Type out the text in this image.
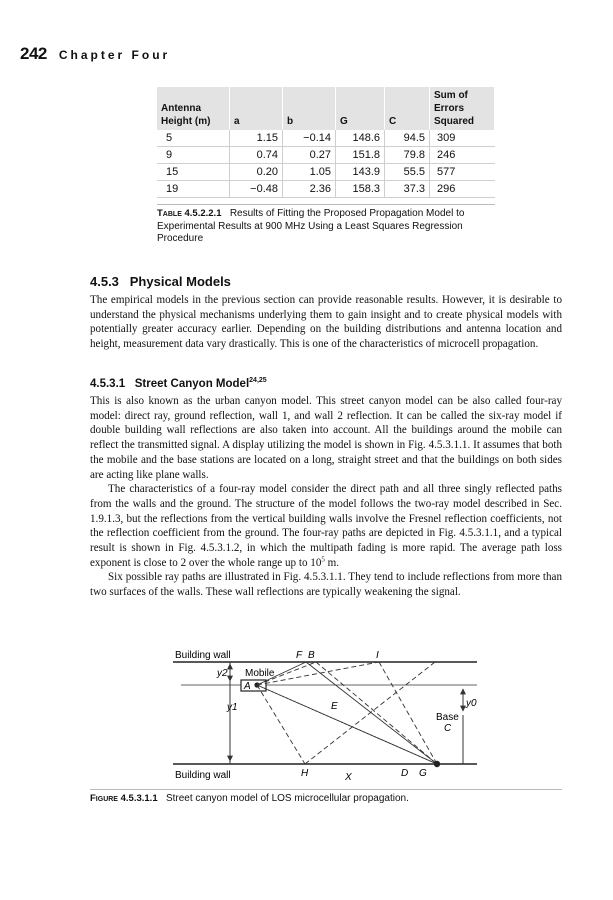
242 Chapter Four
Antenna Height (m)	a	b	G	C	Sum of Errors Squared
5	1.15	−0.14	148.6	94.5	309
9	0.74	0.27	151.8	79.8	246
15	0.20	1.05	143.9	55.5	577
19	−0.48	2.36	158.3	37.3	296
Table 4.5.2.2.1 Results of Fitting the Proposed Propagation Model to Experimental Results at 900 MHz Using a Least Squares Regression Procedure
4.5.3 Physical Models

The empirical models in the previous section can provide reasonable results. However, it is desirable to understand the physical mechanisms underlying them to gain insight and to create physical models with potentially greater accuracy earlier. Depending on the building distributions and antenna location and height, measurement data vary drastically. This is one of the characteristics of microcell propagation.

4.5.3.1 Street Canyon Model$^{24,25}$

This is also known as the urban canyon model. This street canyon model can be also called four-ray model: direct ray, ground reflection, wall 1, and wall 2 reflection. It can be called the six-ray model if double building wall reflections are also taken into account. All the buildings around the mobile can reflect the transmitted signal. A display utilizing the model is shown in Fig. 4.5.3.1.1. It assumes that both the mobile and the base stations are located on a long, straight street and that the buildings on both sides are acting like plane walls.

The characteristics of a four-ray model consider the direct path and all three singly reflected paths from the walls and the ground. The structure of the model follows the two-ray model described in Sec. 1.9.1.3, but the reflections from the vertical building walls involve the Fresnel reflection coefficients, not the reflection coefficient from the ground. The four-ray paths are depicted in Fig. 4.5.3.1.1, and a typical result is shown in Fig. 4.5.3.1.2, in which the multipath fading is more rapid. The average path loss exponent is close to 2 over the whole range up to $10^5$ m.

Six possible ray paths are illustrated in Fig. 4.5.3.1.1. They tend to include reflections from more than two surfaces of the walls. These wall reflections are typically weakening the signal.

Building wall
Building wall
F B	I
y2 Mobile
A
E
y1	y0
Base
C
H	X	D G
Figure 4.5.3.1.1 Street canyon model of LOS microcellular propagation.
